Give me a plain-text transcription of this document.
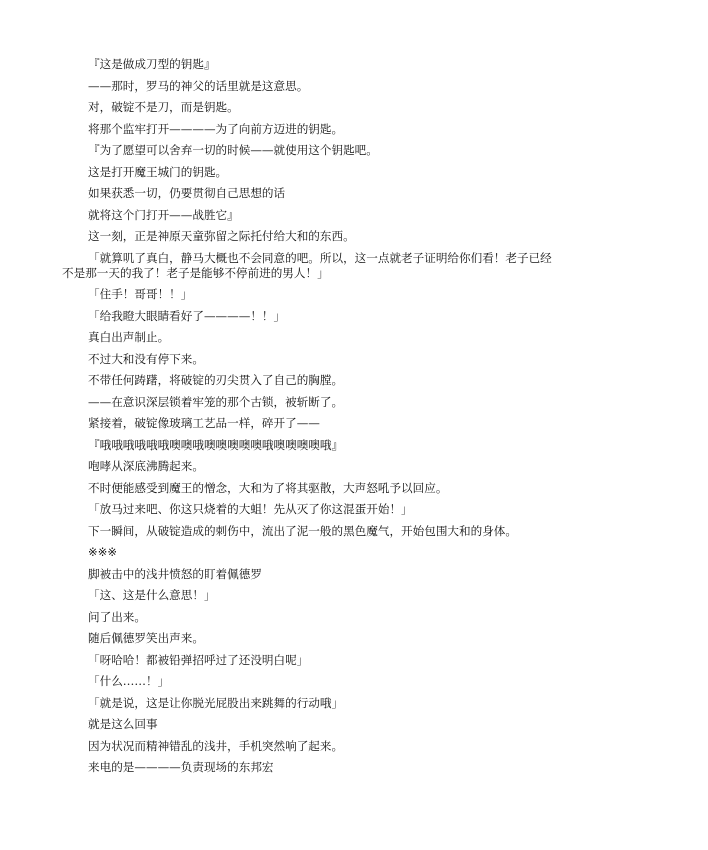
『这是做成刀型的钥匙』

——那时，罗马的神父的话里就是这意思。

对，破锭不是刀，而是钥匙。

将那个监牢打开————为了向前方迈进的钥匙。

『为了愿望可以舍弃一切的时候——就使用这个钥匙吧。

这是打开魔王城门的钥匙。

如果获悉一切，仍要贯彻自己思想的话

就将这个门打开——战胜它』

这一刻，正是神原天童弥留之际托付给大和的东西。

「就算叽了真白，静马大概也不会同意的吧。所以，这一点就老子证明给你们看！老子已经不是那一天的我了！老子是能够不停前进的男人！」

「住手！哥哥！！」

「给我瞪大眼睛看好了————！！」

真白出声制止。

不过大和没有停下来。

不带任何踌躇，将破锭的刃尖贯入了自己的胸膛。

——在意识深层锁着牢笼的那个古锁，被斩断了。

紧接着，破锭像玻璃工艺品一样，碎开了——

『哦哦哦哦哦哦噢噢哦噢噢噢噢噢哦噢噢噢噢哦』

咆哮从深底沸腾起来。

不时便能感受到魔王的憎念，大和为了将其驱散，大声怒吼予以回应。

「放马过来吧、你这只烧着的大蛆！先从灭了你这混蛋开始！」

下一瞬间，从破锭造成的刺伤中，流出了泥一般的黑色魔气，开始包围大和的身体。

※※※

脚被击中的浅井愤怒的盯着佩德罗

「这、这是什么意思！」

问了出来。

随后佩德罗笑出声来。

「呀哈哈！都被铅弹招呼过了还没明白呢」

「什么……！」

「就是说，这是让你脱光屁股出来跳舞的行动哦」

就是这么回事

因为状况而精神错乱的浅井，手机突然响了起来。

来电的是————负责现场的东邦宏
